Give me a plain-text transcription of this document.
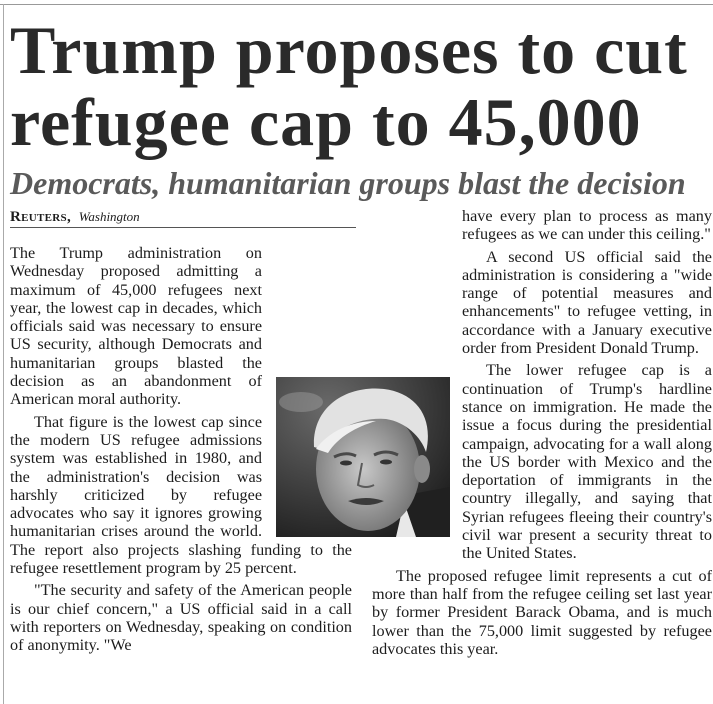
Trump proposes to cut
refugee cap to 45,000
Democrats, humanitarian groups blast the decision
Reuters, Washington

The Trump administration on Wednesday proposed admitting a maximum of 45,000 refugees next year, the lowest cap in decades, which officials said was necessary to ensure US security, although Democrats and humanitarian groups blasted the decision as an abandonment of American moral authority.

That figure is the lowest cap since the modern US refugee admissions system was established in 1980, and the administration's decision was harshly criticized by refugee advocates who say it ignores growing humanitarian crises around the world. The report also projects slashing funding to the refugee resettlement program by 25 percent.

"The security and safety of the American people is our chief concern," a US official said in a call with reporters on Wednesday, speaking on condition of anonymity. "We

have every plan to process as many refugees as we can under this ceiling."

A second US official said the administration is considering a "wide range of potential measures and enhancements" to refugee vetting, in accordance with a January executive order from President Donald Trump.

The lower refugee cap is a continuation of Trump's hardline stance on immigration. He made the issue a focus during the presidential campaign, advocating for a wall along the US border with Mexico and the deportation of immigrants in the country illegally, and saying that Syrian refugees fleeing their country's civil war present a security threat to the United States.

The proposed refugee limit represents a cut of more than half from the refugee ceiling set last year by former President Barack Obama, and is much lower than the 75,000 limit suggested by refugee advocates this year.
